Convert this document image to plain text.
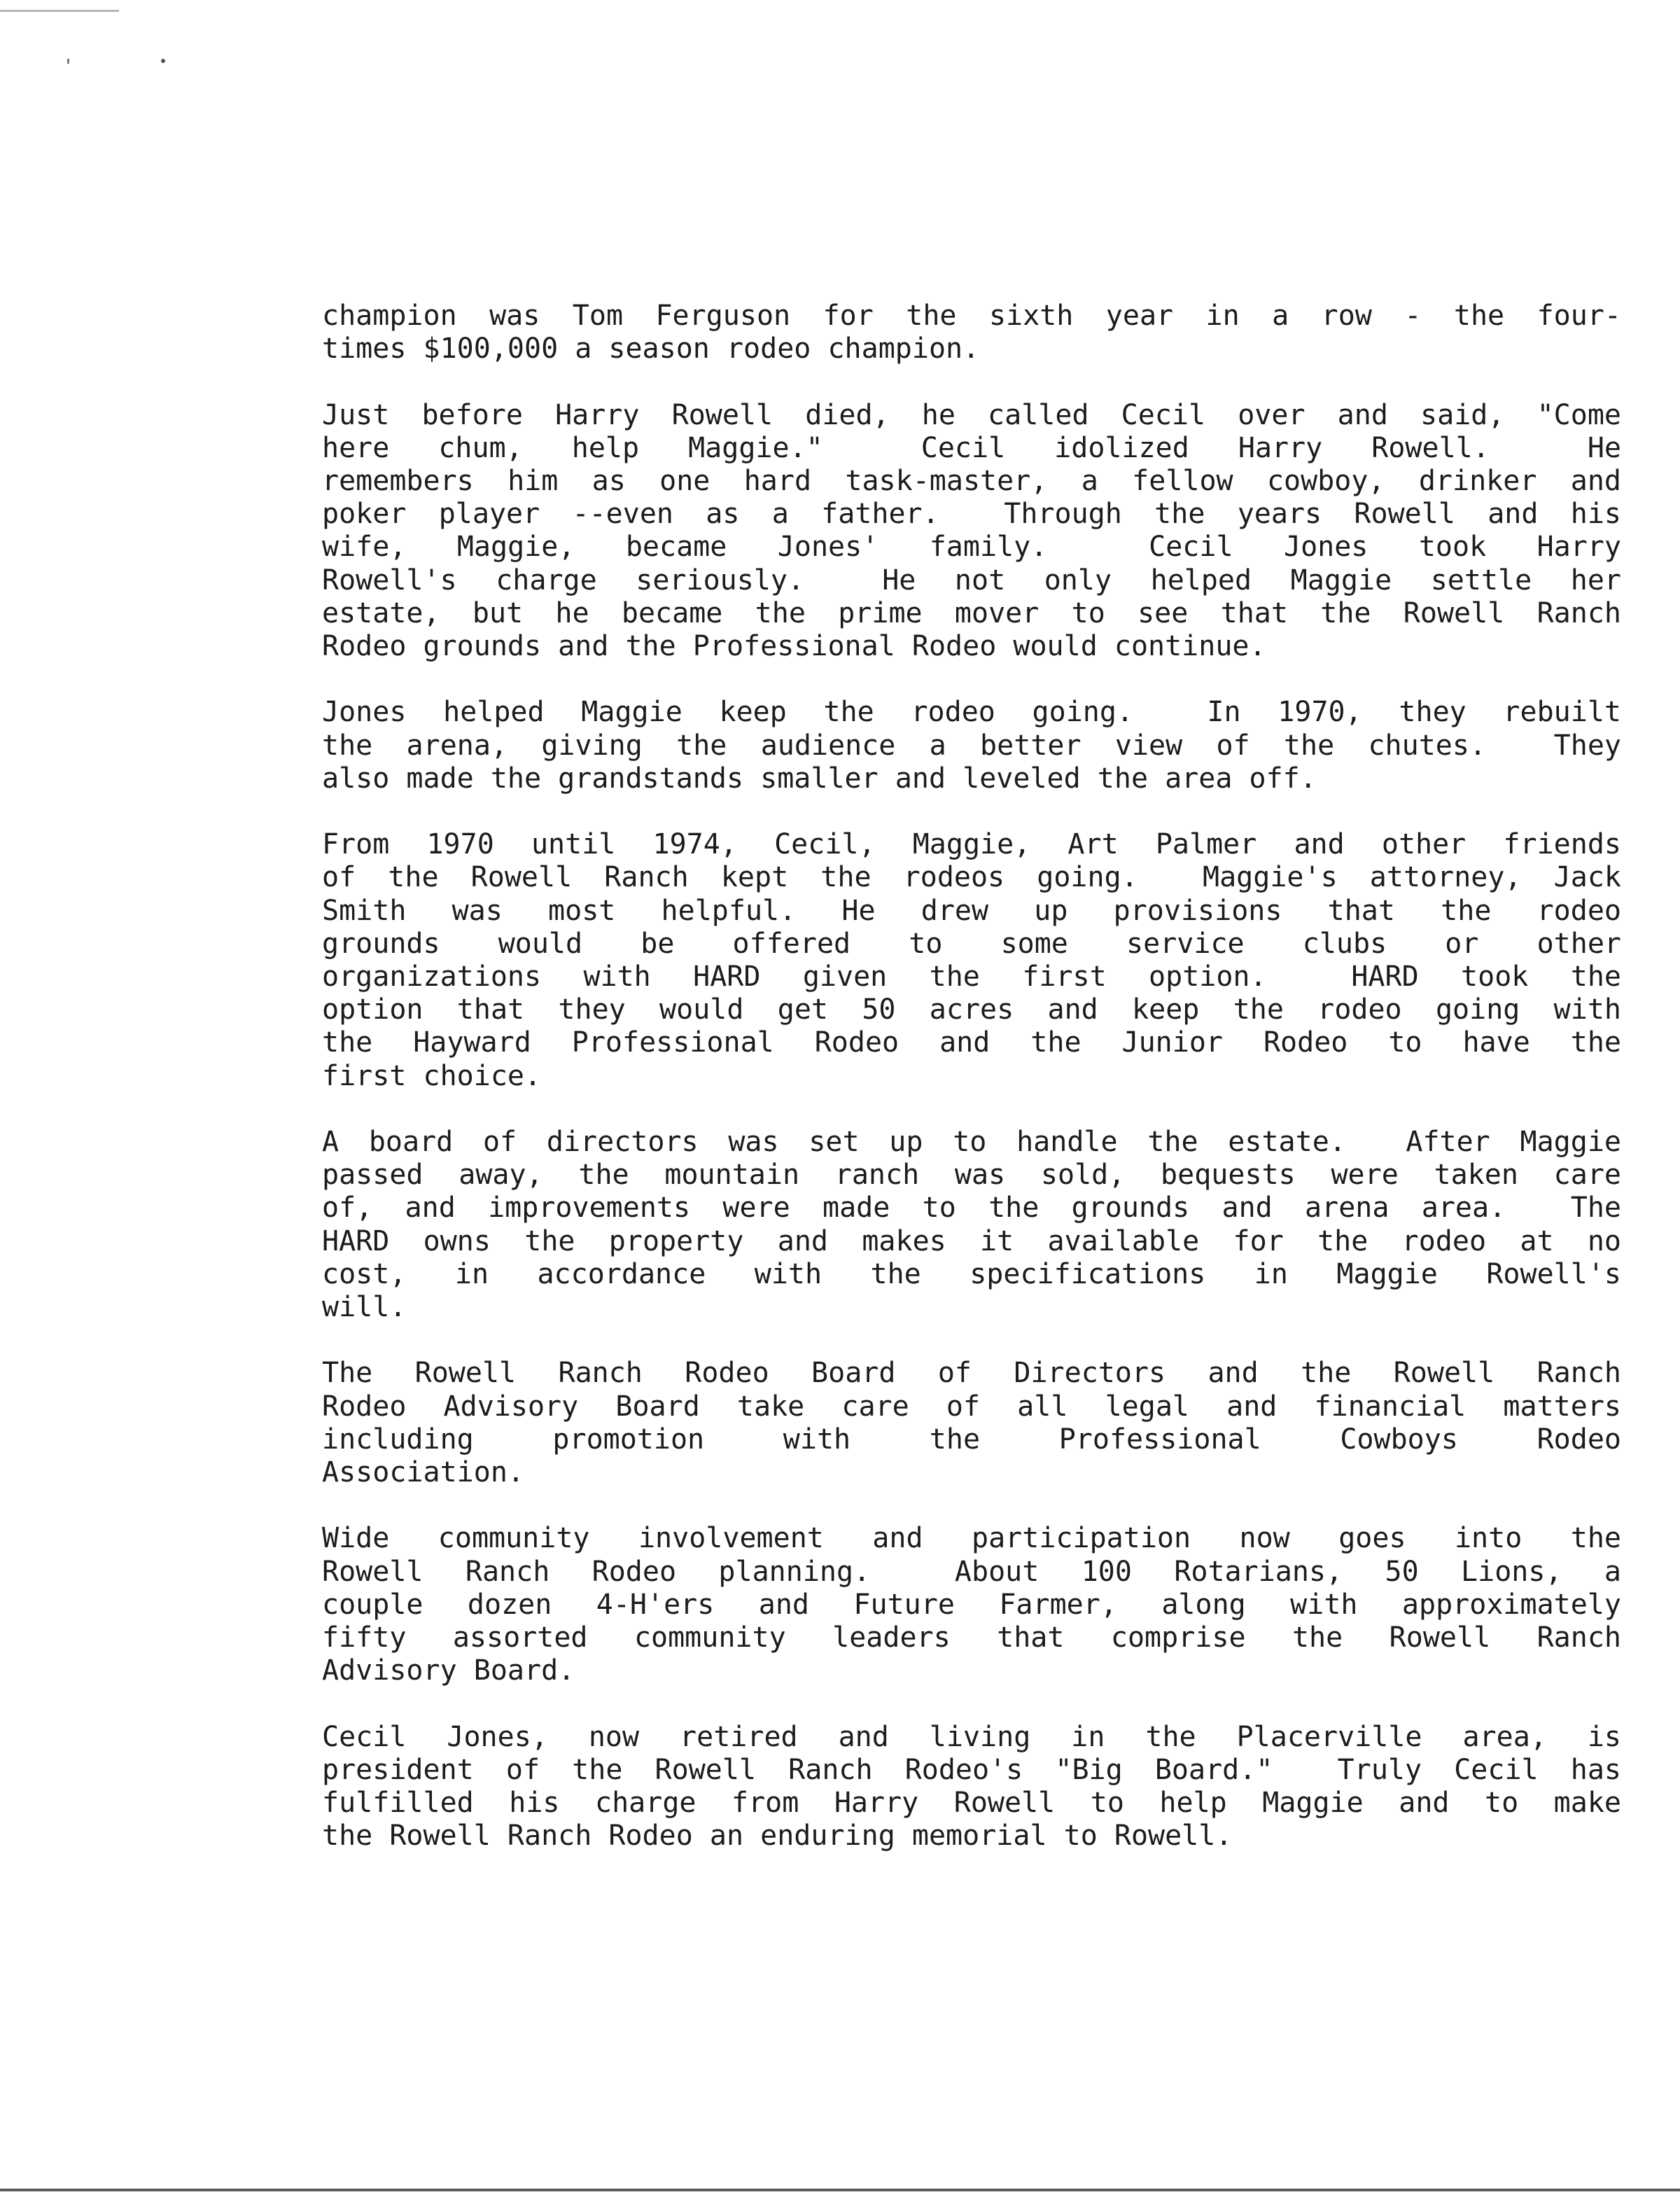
champion was Tom Ferguson for the sixth year in a row - the four-
times $100,000 a season rodeo champion.
Just before Harry Rowell died, he called Cecil over and said, "Come
here chum, help Maggie."  Cecil idolized Harry Rowell.  He
remembers him as one hard task-master, a fellow cowboy, drinker and
poker player --even as a father.  Through the years Rowell and his
wife, Maggie, became Jones' family.  Cecil Jones took Harry
Rowell's charge seriously.  He not only helped Maggie settle her
estate, but he became the prime mover to see that the Rowell Ranch
Rodeo grounds and the Professional Rodeo would continue.
Jones helped Maggie keep the rodeo going.  In 1970, they rebuilt
the arena, giving the audience a better view of the chutes.  They
also made the grandstands smaller and leveled the area off.
From 1970 until 1974, Cecil, Maggie, Art Palmer and other friends
of the Rowell Ranch kept the rodeos going.  Maggie's attorney, Jack
Smith was most helpful. He drew up provisions that the rodeo
grounds would be offered to some service clubs or other
organizations with HARD given the first option.  HARD took the
option that they would get 50 acres and keep the rodeo going with
the Hayward Professional Rodeo and the Junior Rodeo to have the
first choice.
A board of directors was set up to handle the estate.  After Maggie
passed away, the mountain ranch was sold, bequests were taken care
of, and improvements were made to the grounds and arena area.  The
HARD owns the property and makes it available for the rodeo at no
cost, in accordance with the specifications in Maggie Rowell's
will.
The Rowell Ranch Rodeo Board of Directors and the Rowell Ranch
Rodeo Advisory Board take care of all legal and financial matters
including promotion with the Professional Cowboys Rodeo
Association.
Wide community involvement and participation now goes into the
Rowell Ranch Rodeo planning.  About 100 Rotarians, 50 Lions, a
couple dozen 4-H'ers and Future Farmer, along with approximately
fifty assorted community leaders that comprise the Rowell Ranch
Advisory Board.
Cecil Jones, now retired and living in the Placerville area, is
president of the Rowell Ranch Rodeo's "Big Board."  Truly Cecil has
fulfilled his charge from Harry Rowell to help Maggie and to make
the Rowell Ranch Rodeo an enduring memorial to Rowell.
